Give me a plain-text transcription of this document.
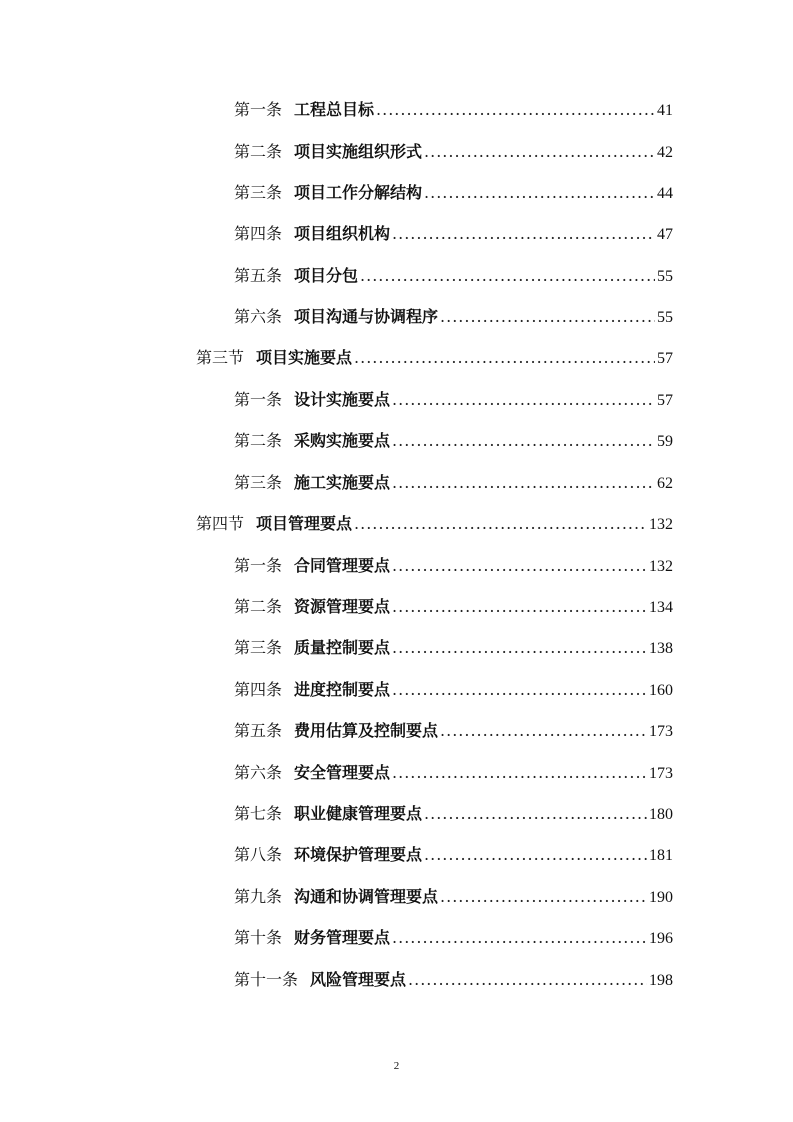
第一条 工程总目标 .....	41
第二条 项目实施组织形式 .....	42
第三条 项目工作分解结构 .....	44
第四条 项目组织机构 .....	47
第五条 项目分包 .....	55
第六条 项目沟通与协调程序 .....	55
第三节 项目实施要点 .....	57
第一条 设计实施要点 .....	57
第二条 采购实施要点 .....	59
第三条 施工实施要点 .....	62
第四节 项目管理要点 .....	132
第一条 合同管理要点 .....	132
第二条 资源管理要点 .....	134
第三条 质量控制要点 .....	138
第四条 进度控制要点 .....	160
第五条 费用估算及控制要点 .....	173
第六条 安全管理要点 .....	173
第七条 职业健康管理要点 .....	180
第八条 环境保护管理要点 .....	181
第九条 沟通和协调管理要点 .....	190
第十条 财务管理要点 .....	196
第十一条 风险管理要点 .....	198
2
